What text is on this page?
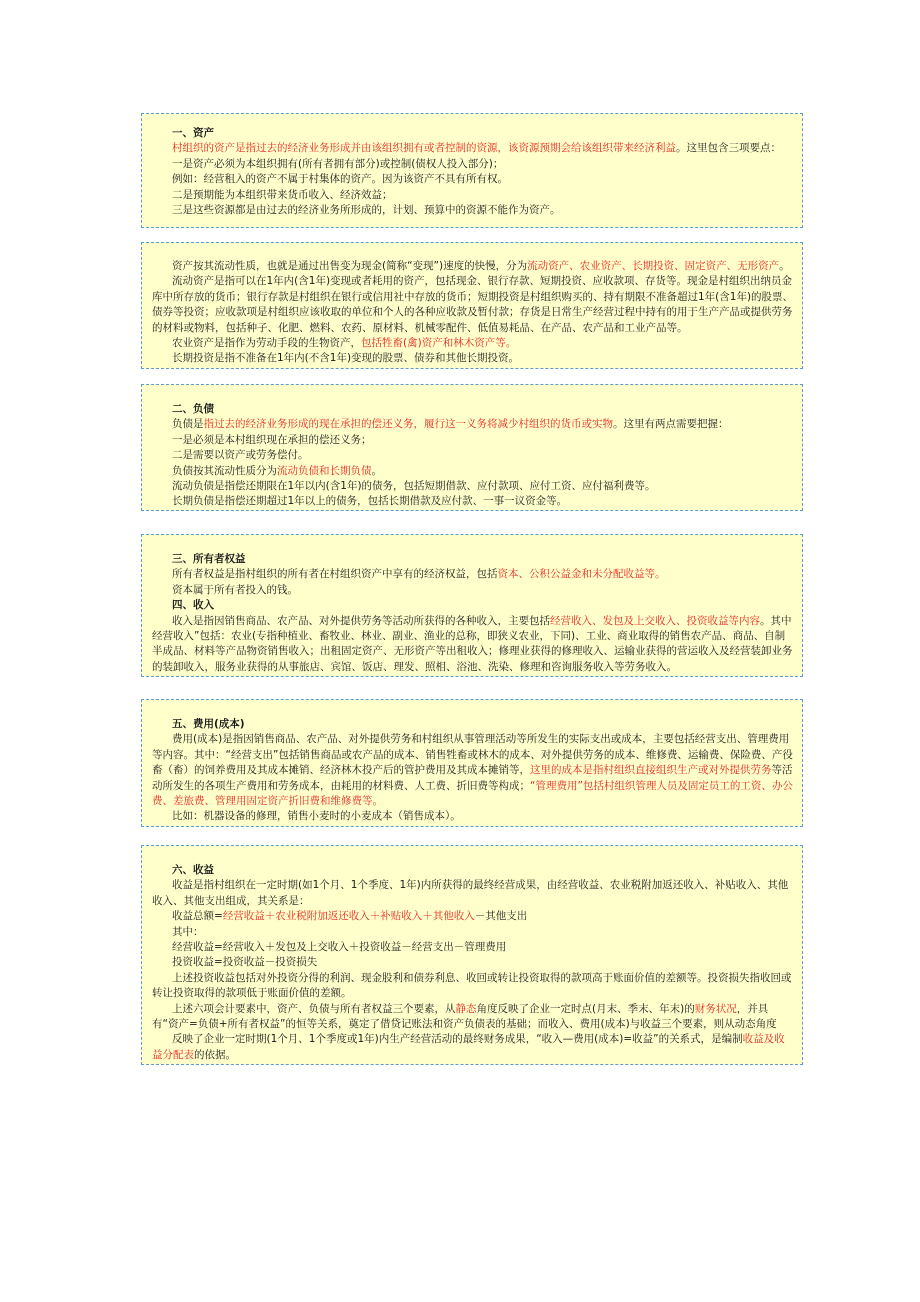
一、资产

村组织的资产是指过去的经济业务形成并由该组织拥有或者控制的资源，该资源预期会给该组织带来经济利益。这里包含三项要点：

一是资产必须为本组织拥有(所有者拥有部分)或控制(债权人投入部分)；

例如：经营租入的资产不属于村集体的资产。因为该资产不具有所有权。

二是预期能为本组织带来货币收入、经济效益；

三是这些资源都是由过去的经济业务所形成的，计划、预算中的资源不能作为资产。

资产按其流动性质，也就是通过出售变为现金(简称“变现”)速度的快慢，分为流动资产、农业资产、长期投资、固定资产、无形资产。

流动资产是指可以在1年内(含1年)变现或者耗用的资产，包括现金、银行存款、短期投资、应收款项、存货等。现金是村组织出纳员金库中所存放的货币；银行存款是村组织在银行或信用社中存放的货币；短期投资是村组织购买的、持有期限不准备超过1年(含1年)的股票、债券等投资；应收款项是村组织应该收取的单位和个人的各种应收款及暂付款；存货是日常生产经营过程中持有的用于生产产品或提供劳务的材料或物料，包括种子、化肥、燃料、农药、原材料、机械零配件、低值易耗品、在产品、农产品和工业产品等。

农业资产是指作为劳动手段的生物资产，包括牲畜(禽)资产和林木资产等。

长期投资是指不准备在1年内(不含1年)变现的股票、债券和其他长期投资。

二、负债

负债是指过去的经济业务形成的现在承担的偿还义务，履行这一义务将减少村组织的货币或实物。这里有两点需要把握：

一是必须是本村组织现在承担的偿还义务；

二是需要以资产或劳务偿付。

负债按其流动性质分为流动负债和长期负债。

流动负债是指偿还期限在1年以内(含1年)的债务，包括短期借款、应付款项、应付工资、应付福利费等。

长期负债是指偿还期超过1年以上的债务，包括长期借款及应付款、一事一议资金等。

三、所有者权益

所有者权益是指村组织的所有者在村组织资产中享有的经济权益，包括资本、公积公益金和未分配收益等。

资本属于所有者投入的钱。

四、收入

收入是指因销售商品、农产品、对外提供劳务等活动所获得的各种收入，主要包括经营收入、发包及上交收入、投资收益等内容。其中经营收入”包括：农业(专指种植业、畜牧业、林业、副业、渔业的总称，即狭义农业，下同)、工业、商业取得的销售农产品、商品、自制半成品、材料等产品物资销售收入；出租固定资产、无形资产等出租收入；修理业获得的修理收入、运输业获得的营运收入及经营装卸业务的装卸收入，服务业获得的从事旅店、宾馆、饭店、理发、照相、浴池、洗染、修理和咨询服务收入等劳务收入。

五、费用(成本)

费用(成本)是指因销售商品、农产品、对外提供劳务和村组织从事管理活动等所发生的实际支出或成本，主要包括经营支出、管理费用等内容。其中：“经营支出”包括销售商品或农产品的成本、销售牲畜或林木的成本、对外提供劳务的成本、维修费、运输费、保险费、产役畜（畜）的饲养费用及其成本摊销、经济林木投产后的管护费用及其成本摊销等，这里的成本是指村组织直接组织生产或对外提供劳务等活动所发生的各项生产费用和劳务成本，由耗用的材料费、人工费、折旧费等构成；“管理费用”包括村组织管理人员及固定员工的工资、办公费、差旅费、管理用固定资产折旧费和维修费等。

比如：机器设备的修理，销售小麦时的小麦成本（销售成本）。

六、收益

收益是指村组织在一定时期(如1个月、1个季度、1年)内所获得的最终经营成果，由经营收益、农业税附加返还收入、补贴收入、其他收入、其他支出组成，其关系是：

收益总额=经营收益＋农业税附加返还收入＋补贴收入＋其他收入－其他支出

其中：

经营收益=经营收入＋发包及上交收入＋投资收益－经营支出－管理费用

投资收益=投资收益－投资损失

上述投资收益包括对外投资分得的利润、现金股利和债券利息、收回或转让投资取得的款项高于账面价值的差额等。投资损失指收回或转让投资取得的款项低于账面价值的差额。

上述六项会计要素中，资产、负债与所有者权益三个要素，从静态角度反映了企业一定时点(月末、季末、年末)的财务状况，并具有“资产=负债+所有者权益”的恒等关系，奠定了借贷记账法和资产负债表的基础；而收入、费用(成本)与收益三个要素，则从动态角度

反映了企业一定时期(1个月、1个季度或1年)内生产经营活动的最终财务成果，“收入—费用(成本)=收益”的关系式，是编制收益及收益分配表的依据。
